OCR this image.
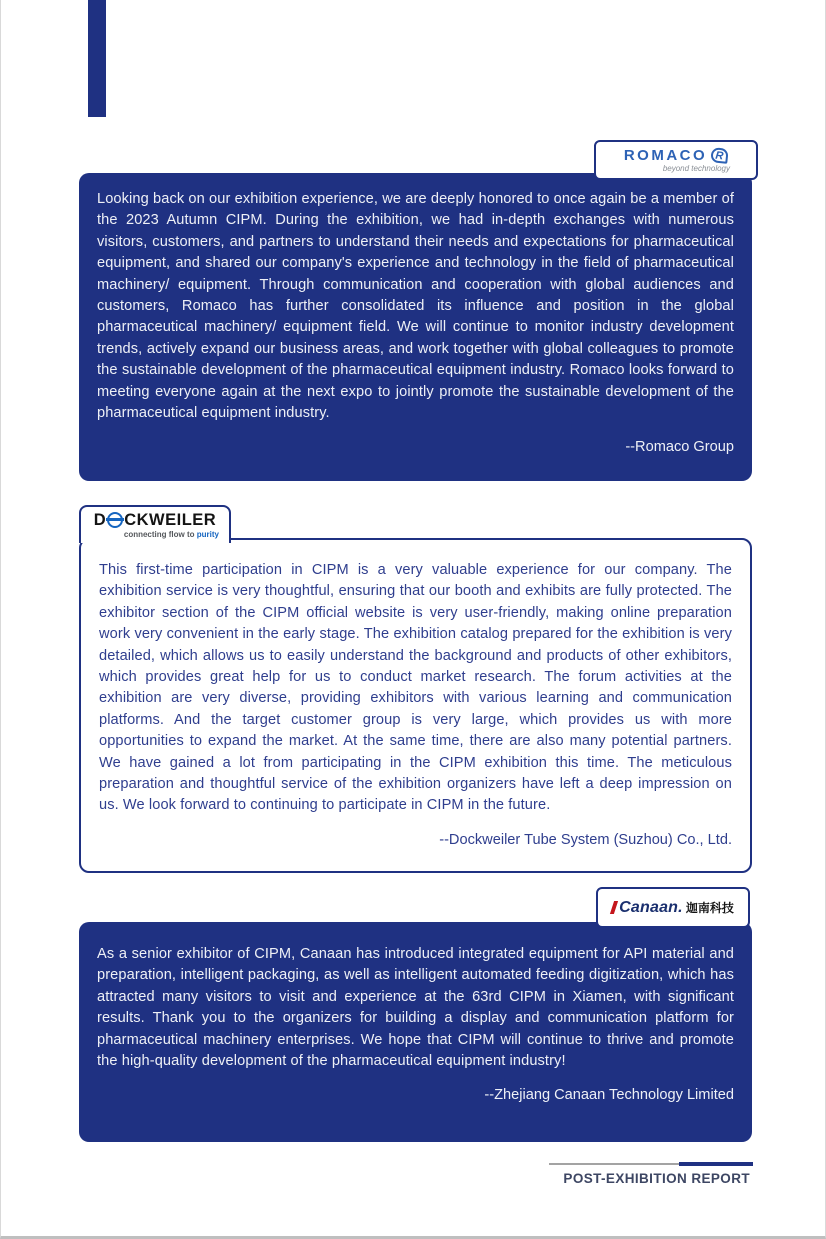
ROMACO R
beyond technology

Looking back on our exhibition experience, we are deeply honored to once again be a member of the 2023 Autumn CIPM. During the exhibition, we had in-depth exchanges with numerous visitors, customers, and partners to understand their needs and expectations for pharmaceutical equipment, and shared our company's experience and technology in the field of pharmaceutical machinery/ equipment. Through communication and cooperation with global audiences and customers, Romaco has further consolidated its influence and position in the global pharmaceutical machinery/ equipment field. We will continue to monitor industry development trends, actively expand our business areas, and work together with global colleagues to promote the sustainable development of the pharmaceutical equipment industry. Romaco looks forward to meeting everyone again at the next expo to jointly promote the sustainable development of the pharmaceutical equipment industry.

--Romaco Group
D CKWEILER
connecting flow to purity

This first-time participation in CIPM is a very valuable experience for our company. The exhibition service is very thoughtful, ensuring that our booth and exhibits are fully protected. The exhibitor section of the CIPM official website is very user-friendly, making online preparation work very convenient in the early stage. The exhibition catalog prepared for the exhibition is very detailed, which allows us to easily understand the background and products of other exhibitors, which provides great help for us to conduct market research. The forum activities at the exhibition are very diverse, providing exhibitors with various learning and communication platforms. And the target customer group is very large, which provides us with more opportunities to expand the market. At the same time, there are also many potential partners. We have gained a lot from participating in the CIPM exhibition this time. The meticulous preparation and thoughtful service of the exhibition organizers have left a deep impression on us. We look forward to continuing to participate in CIPM in the future.

--Dockweiler Tube System (Suzhou) Co., Ltd.
Canaan. 迦南科技

As a senior exhibitor of CIPM, Canaan has introduced integrated equipment for API material and preparation, intelligent packaging, as well as intelligent automated feeding digitization, which has attracted many visitors to visit and experience at the 63rd CIPM in Xiamen, with significant results. Thank you to the organizers for building a display and communication platform for pharmaceutical machinery enterprises. We hope that CIPM will continue to thrive and promote the high-quality development of the pharmaceutical equipment industry!

--Zhejiang Canaan Technology Limited
POST-EXHIBITION REPORT
